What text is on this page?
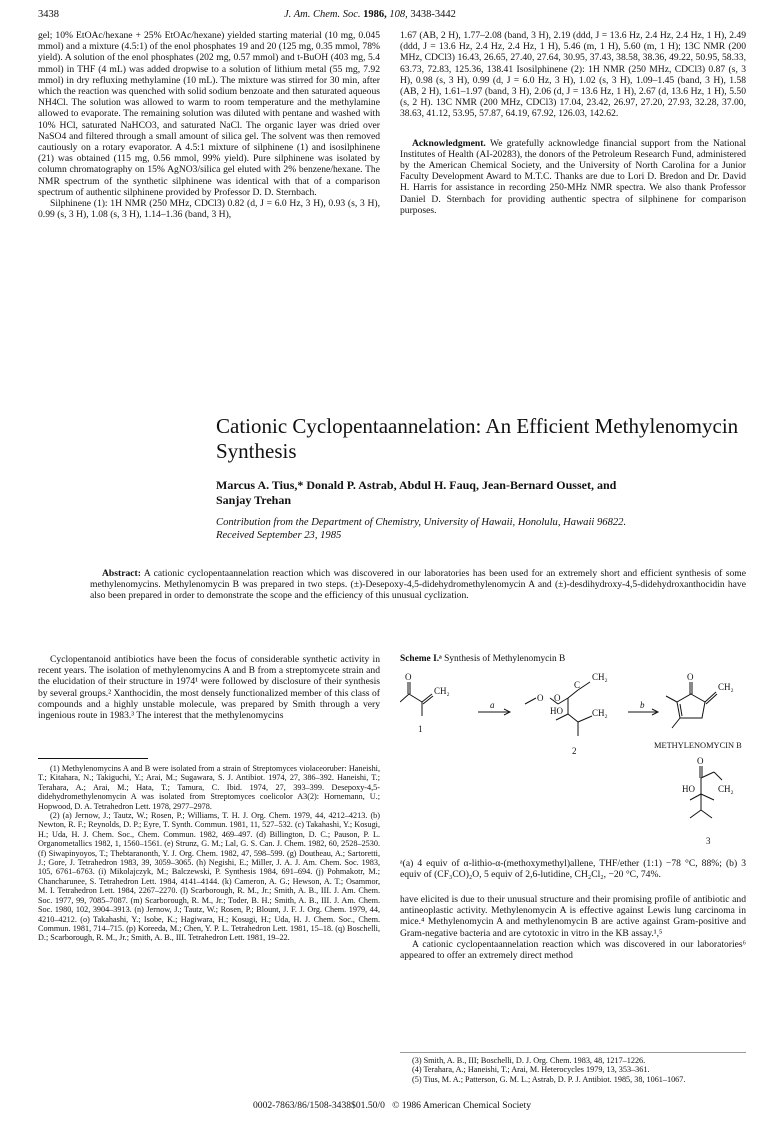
3438	J. Am. Chem. Soc. 1986, 108, 3438-3442

gel; 10% EtOAc/hexane + 25% EtOAc/hexane) yielded starting material (10 mg, 0.045 mmol) and a mixture (4.5:1) of the enol phosphates 19 and 20 (125 mg, 0.35 mmol, 78% yield). A solution of the enol phosphates (202 mg, 0.57 mmol) and t-BuOH (403 mg, 5.4 mmol) in THF (4 mL) was added dropwise to a solution of lithium metal (55 mg, 7.92 mmol) in dry refluxing methylamine (10 mL). The mixture was stirred for 30 min, after which the reaction was quenched with solid sodium benzoate and then saturated aqueous NH4Cl. The solution was allowed to warm to room temperature and the methylamine allowed to evaporate. The remaining solution was diluted with pentane and washed with 10% HCl, saturated NaHCO3, and saturated NaCl. The organic layer was dried over NaSO4 and filtered through a small amount of silica gel. The solvent was then removed cautiously on a rotary evaporator. A 4.5:1 mixture of silphinene (1) and isosilphinene (21) was obtained (115 mg, 0.56 mmol, 99% yield). Pure silphinene was isolated by column chromatography on 15% AgNO3/silica gel eluted with 2% benzene/hexane. The NMR spectrum of the synthetic silphinene was identical with that of a comparison spectrum of authentic silphinene provided by Professor D. D. Sternbach.

Silphinene (1): 1H NMR (250 MHz, CDCl3) 0.82 (d, J = 6.0 Hz, 3 H), 0.93 (s, 3 H), 0.99 (s, 3 H), 1.08 (s, 3 H), 1.14–1.36 (band, 3 H),

1.67 (AB, 2 H), 1.77–2.08 (band, 3 H), 2.19 (ddd, J = 13.6 Hz, 2.4 Hz, 2.4 Hz, 1 H), 2.49 (ddd, J = 13.6 Hz, 2.4 Hz, 2.4 Hz, 1 H), 5.46 (m, 1 H), 5.60 (m, 1 H); 13C NMR (200 MHz, CDCl3) 16.43, 26.65, 27.40, 27.64, 30.95, 37.43, 38.58, 38.36, 49.22, 50.95, 58.33, 63.73, 72.83, 125.36, 138.41 Isosilphinene (2): 1H NMR (250 MHz, CDCl3) 0.87 (s, 3 H), 0.98 (s, 3 H), 0.99 (d, J = 6.0 Hz, 3 H), 1.02 (s, 3 H), 1.09–1.45 (band, 3 H), 1.58 (AB, 2 H), 1.61–1.97 (band, 3 H), 2.06 (d, J = 13.6 Hz, 1 H), 2.67 (d, 13.6 Hz, 1 H), 5.50 (s, 2 H). 13C NMR (200 MHz, CDCl3) 17.04, 23.42, 26.97, 27.20, 27.93, 32.28, 37.00, 38.63, 41.12, 53.95, 57.87, 64.19, 67.92, 126.03, 142.62.

Acknowledgment. We gratefully acknowledge financial support from the National Institutes of Health (AI-20283), the donors of the Petroleum Research Fund, administered by the American Chemical Society, and the University of North Carolina for a Junior Faculty Development Award to M.T.C. Thanks are due to Lori D. Bredon and Dr. David H. Harris for assistance in recording 250-MHz NMR spectra. We also thank Professor Daniel D. Sternbach for providing authentic spectra of silphinene for comparison purposes.

Cationic Cyclopentaannelation: An Efficient Methylenomycin
Synthesis
Marcus A. Tius,* Donald P. Astrab, Abdul H. Fauq, Jean-Bernard Ousset, and
Sanjay Trehan
Contribution from the Department of Chemistry, University of Hawaii, Honolulu, Hawaii 96822.
Received September 23, 1985

Abstract: A cationic cyclopentaannelation reaction which was discovered in our laboratories has been used for an extremely short and efficient synthesis of some methylenomycins. Methylenomycin B was prepared in two steps. (±)-Desepoxy-4,5-didehydromethylenomycin A and (±)-desdihydroxy-4,5-didehydroxanthocidin have also been prepared in order to demonstrate the scope and the efficiency of this unusual cyclization.

Cyclopentanoid antibiotics have been the focus of considerable synthetic activity in recent years. The isolation of methylenomycins A and B from a streptomycete strain and the elucidation of their structure in 1974¹ were followed by disclosure of their synthesis by several groups.² Xanthocidin, the most densely functionalized member of this class of compounds and a highly unstable molecule, was prepared by Smith through a very ingenious route in 1983.³ The interest that the methylenomycins

(1) Methylenomycins A and B were isolated from a strain of Streptomyces violaceoruber: Haneishi, T.; Kitahara, N.; Takiguchi, Y.; Arai, M.; Sugawara, S. J. Antibiot. 1974, 27, 386–392. Haneishi, T.; Terahara, A.; Arai, M.; Hata, T.; Tamura, C. Ibid. 1974, 27, 393–399. Desepoxy-4,5-didehydromethylenomycin A was isolated from Streptomyces coelicolor A3(2): Hornemann, U.; Hopwood, D. A. Tetrahedron Lett. 1978, 2977–2978.

(2) (a) Jernow, J.; Tautz, W.; Rosen, P.; Williams, T. H. J. Org. Chem. 1979, 44, 4212–4213. (b) Newton, R. F.; Reynolds, D. P.; Eyre, T. Synth. Commun. 1981, 11, 527–532. (c) Takahashi, Y.; Kosugi, H.; Uda, H. J. Chem. Soc., Chem. Commun. 1982, 469–497. (d) Billington, D. C.; Pauson, P. L. Organometallics 1982, 1, 1560–1561. (e) Strunz, G. M.; Lal, G. S. Can. J. Chem. 1982, 60, 2528–2530. (f) Siwapinyoyos, T.; Thebtaranonth, Y. J. Org. Chem. 1982, 47, 598–599. (g) Doutheau, A.; Sartoretti, J.; Gore, J. Tetrahedron 1983, 39, 3059–3065. (h) Negishi, E.; Miller, J. A. J. Am. Chem. Soc. 1983, 105, 6761–6763. (i) Mikolajczyk, M.; Balczewski, P. Synthesis 1984, 691–694. (j) Pohmakotr, M.; Chancharunee, S. Tetrahedron Lett. 1984, 4141–4144. (k) Cameron, A. G.; Hewson, A. T.; Osammor, M. I. Tetrahedron Lett. 1984, 2267–2270. (l) Scarborough, R. M., Jr.; Smith, A. B., III. J. Am. Chem. Soc. 1977, 99, 7085–7087. (m) Scarborough, R. M., Jr.; Toder, B. H.; Smith, A. B., III. J. Am. Chem. Soc. 1980, 102, 3904–3913. (n) Jernow, J.; Tautz, W.; Rosen, P.; Blount, J. F. J. Org. Chem. 1979, 44, 4210–4212. (o) Takahashi, Y.; Isobe, K.; Hagiwara, H.; Kosugi, H.; Uda, H. J. Chem. Soc., Chem. Commun. 1981, 714–715. (p) Koreeda, M.; Chen, Y. P. L. Tetrahedron Lett. 1981, 15–18. (q) Boschelli, D.; Scarborough, R. M., Jr.; Smith, A. B., III. Tetrahedron Lett. 1981, 19–22.

Scheme I.ᵃ Synthesis of Methylenomycin B
O
CH₂
1
a
O O
C
CH₂
HO	CH₂
2
b
O
CH₂
METHYLENOMYCIN B
O
HO	CH₂
3
ᵃ(a) 4 equiv of α-lithio-α-(methoxymethyl)allene, THF/ether (1:1) −78 °C, 88%; (b) 3 equiv of (CF₃CO)₂O, 5 equiv of 2,6-lutidine, CH₂Cl₂, −20 °C, 74%.

have elicited is due to their unusual structure and their promising profile of antibiotic and antineoplastic activity. Methylenomycin A is effective against Lewis lung carcinoma in mice.⁴ Methylenomycin A and methylenomycin B are active against Gram-positive and Gram-negative bacteria and are cytotoxic in vitro in the KB assay.¹,⁵

A cationic cyclopentaannelation reaction which was discovered in our laboratories⁶ appeared to offer an extremely direct method

(3) Smith, A. B., III; Boschelli, D. J. Org. Chem. 1983, 48, 1217–1226.

(4) Terahara, A.; Haneishi, T.; Arai, M. Heterocycles 1979, 13, 353–361.

(5) Tius, M. A.; Patterson, G. M. L.; Astrab, D. P. J. Antibiot. 1985, 38, 1061–1067.

0002-7863/86/1508-3438$01.50/0 © 1986 American Chemical Society
